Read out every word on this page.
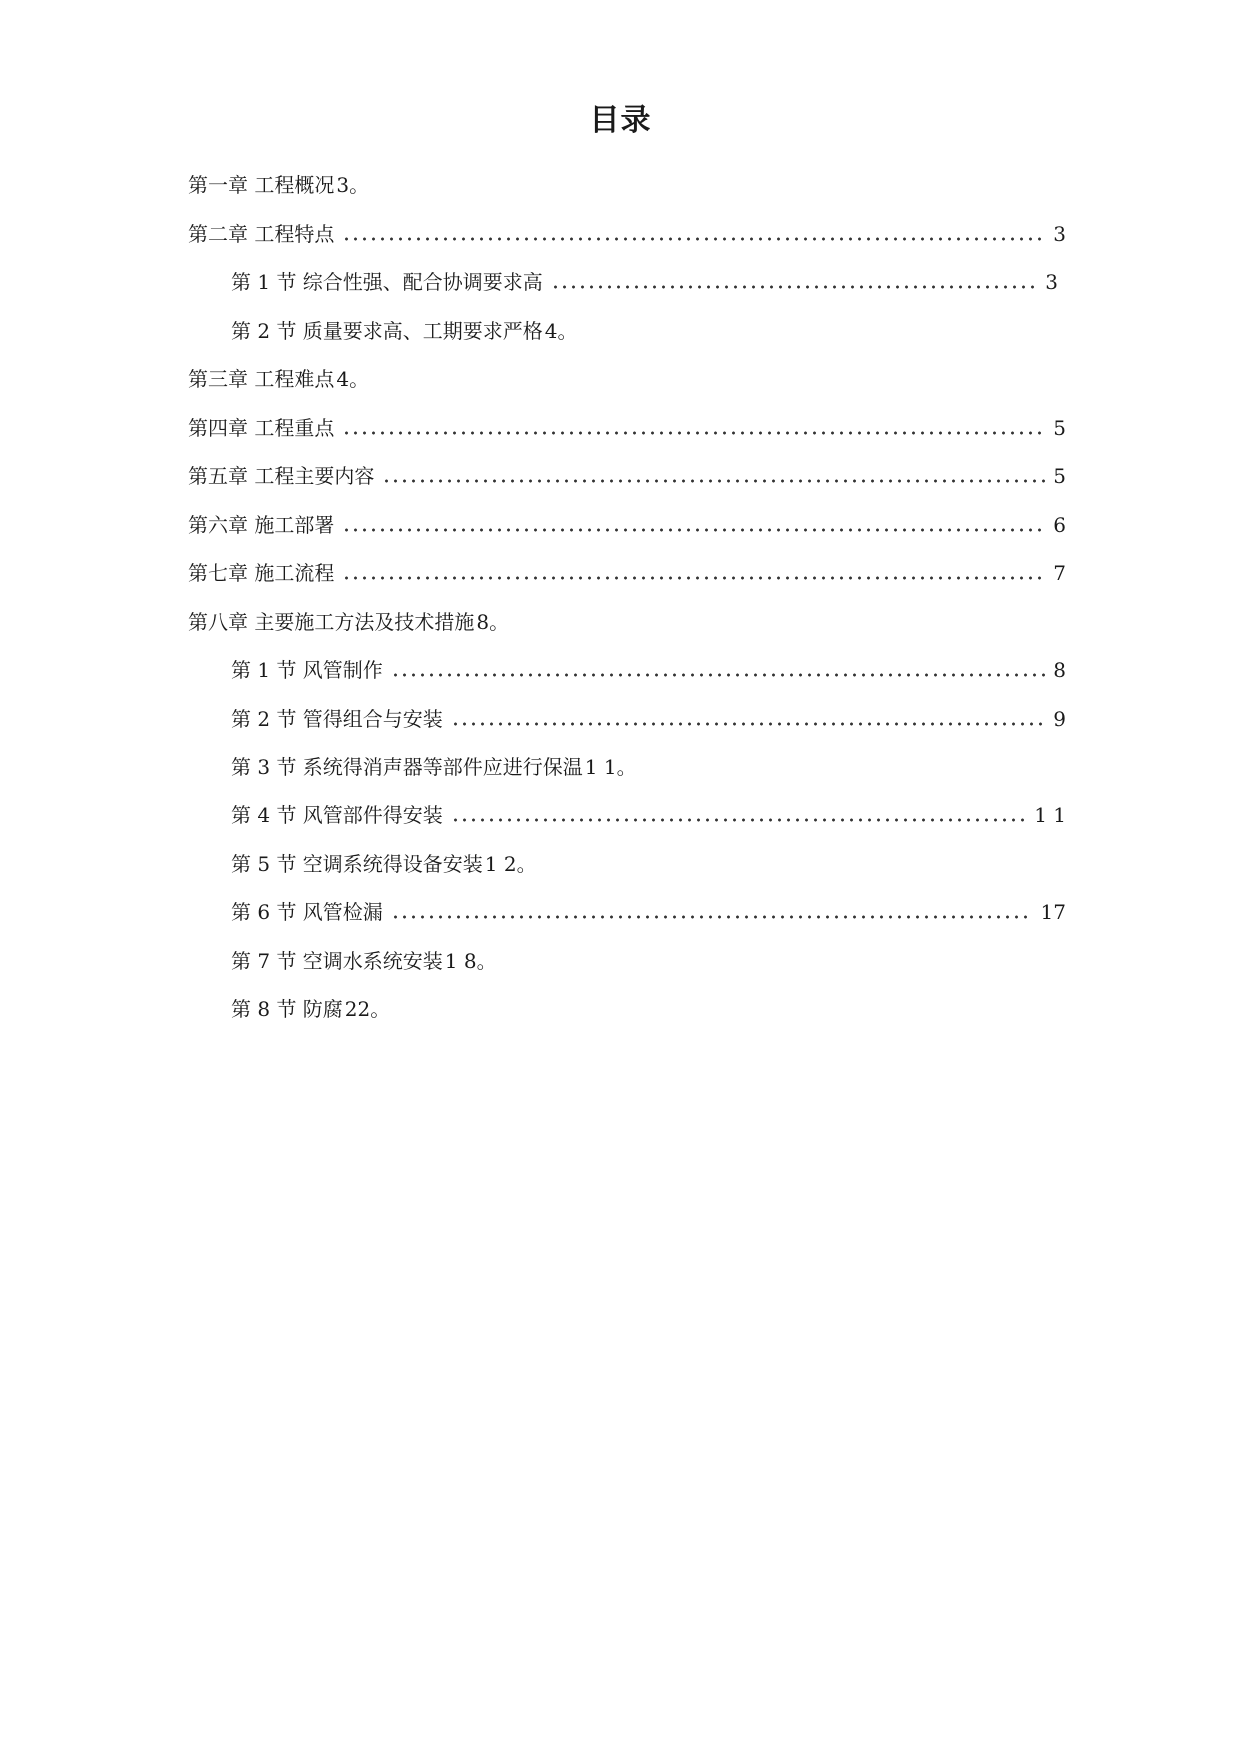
目录
第一章 工程概况 3。
第二章 工程特点	3
第 1 节 综合性强、配合协调要求高	3
第 2 节 质量要求高、工期要求严格 4。
第三章 工程难点 4。
第四章 工程重点	5
第五章 工程主要内容	5
第六章 施工部署	6
第七章 施工流程	7
第八章 主要施工方法及技术措施 8。
第 1 节 风管制作	8
第 2 节 管得组合与安装	9
第 3 节 系统得消声器等部件应进行保温 1 1。
第 4 节 风管部件得安装	1 1
第 5 节 空调系统得设备安装 1 2。
第 6 节 风管检漏	17
第 7 节 空调水系统安装 1 8。
第 8 节 防腐 22。
